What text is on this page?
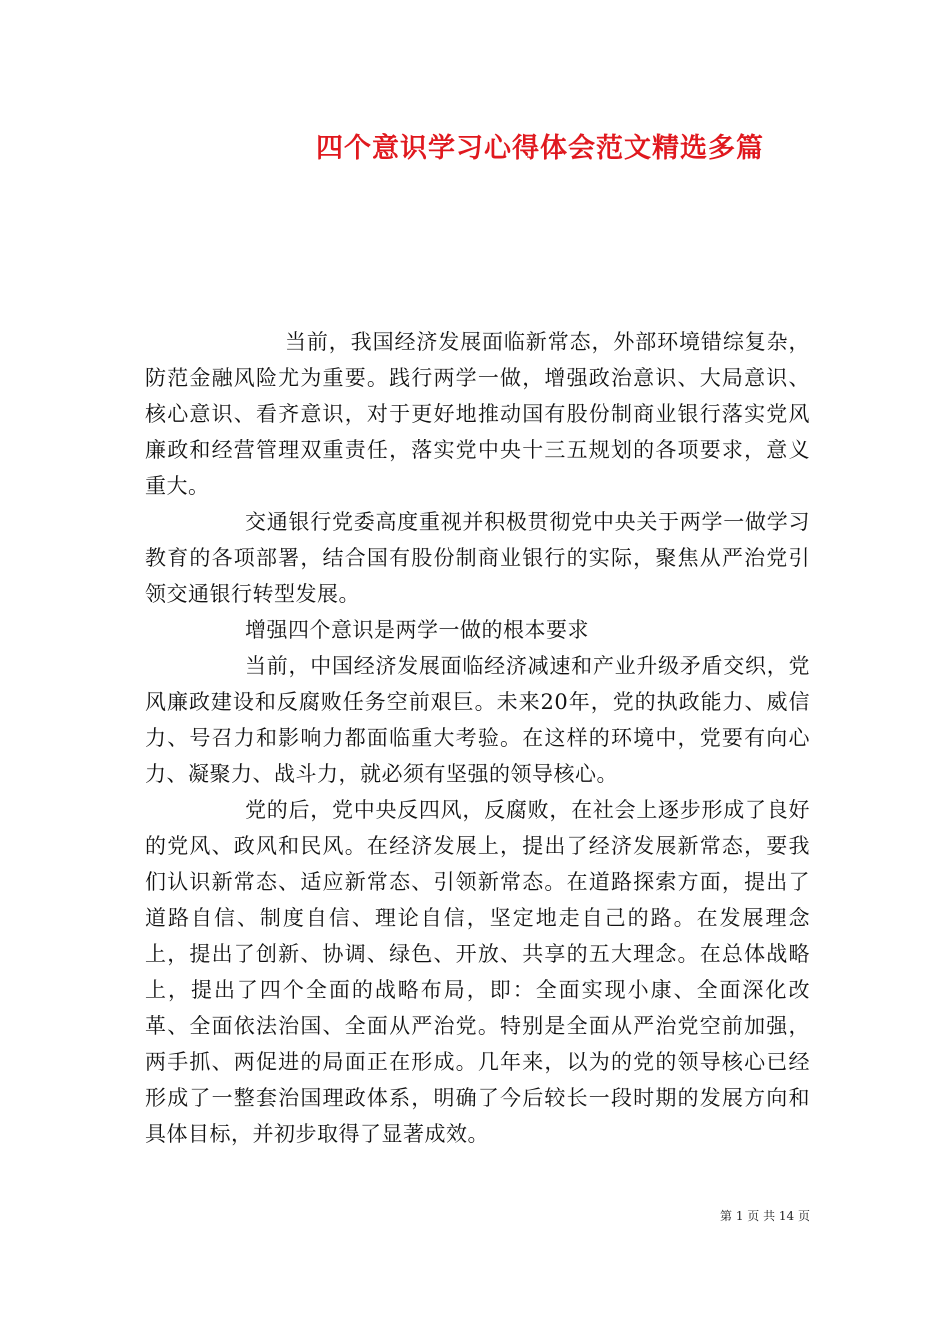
四个意识学习心得体会范文精选多篇

当前，我国经济发展面临新常态，外部环境错综复杂，防范金融风险尤为重要。践行两学一做，增强政治意识、大局意识、核心意识、看齐意识，对于更好地推动国有股份制商业银行落实党风廉政和经营管理双重责任，落实党中央十三五规划的各项要求，意义重大。

交通银行党委高度重视并积极贯彻党中央关于两学一做学习教育的各项部署，结合国有股份制商业银行的实际，聚焦从严治党引领交通银行转型发展。

增强四个意识是两学一做的根本要求

当前，中国经济发展面临经济减速和产业升级矛盾交织，党风廉政建设和反腐败任务空前艰巨。未来20年，党的执政能力、威信力、号召力和影响力都面临重大考验。在这样的环境中，党要有向心力、凝聚力、战斗力，就必须有坚强的领导核心。

党的后，党中央反四风，反腐败，在社会上逐步形成了良好的党风、政风和民风。在经济发展上，提出了经济发展新常态，要我们认识新常态、适应新常态、引领新常态。在道路探索方面，提出了道路自信、制度自信、理论自信，坚定地走自己的路。在发展理念上，提出了创新、协调、绿色、开放、共享的五大理念。在总体战略上，提出了四个全面的战略布局，即：全面实现小康、全面深化改革、全面依法治国、全面从严治党。特别是全面从严治党空前加强，两手抓、两促进的局面正在形成。几年来，以为的党的领导核心已经形成了一整套治国理政体系，明确了今后较长一段时期的发展方向和具体目标，并初步取得了显著成效。

第 1 页 共 14 页
